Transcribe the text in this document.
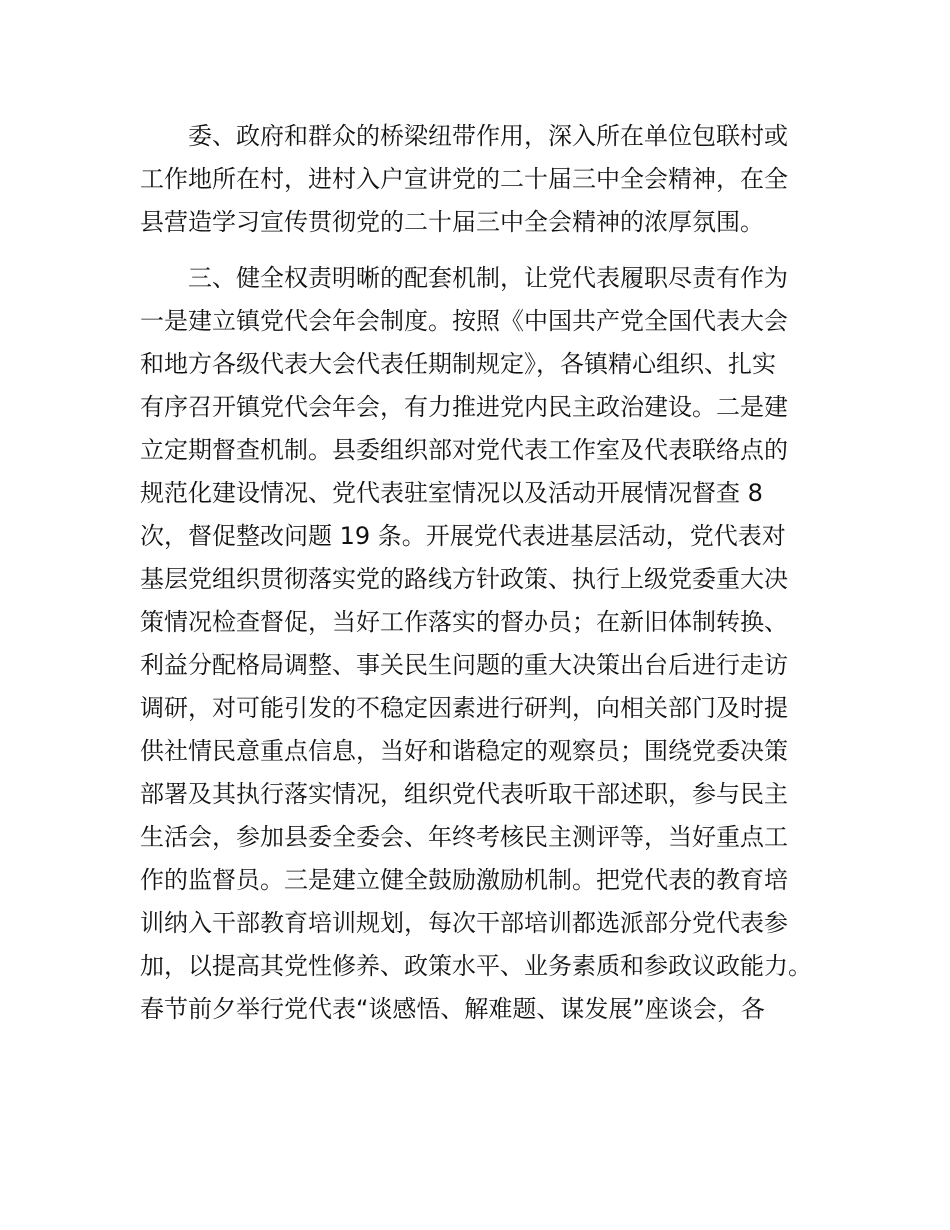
委、政府和群众的桥梁纽带作用，深入所在单位包联村或
工作地所在村，进村入户宣讲党的二十届三中全会精神，在全
县营造学习宣传贯彻党的二十届三中全会精神的浓厚氛围。
三、健全权责明晰的配套机制，让党代表履职尽责有作为
一是建立镇党代会年会制度。按照《中国共产党全国代表大会
和地方各级代表大会代表任期制规定》，各镇精心组织、扎实
有序召开镇党代会年会，有力推进党内民主政治建设。二是建
立定期督查机制。县委组织部对党代表工作室及代表联络点的
规范化建设情况、党代表驻室情况以及活动开展情况督查 8
次，督促整改问题 19 条。开展党代表进基层活动，党代表对
基层党组织贯彻落实党的路线方针政策、执行上级党委重大决
策情况检查督促，当好工作落实的督办员；在新旧体制转换、
利益分配格局调整、事关民生问题的重大决策出台后进行走访
调研，对可能引发的不稳定因素进行研判，向相关部门及时提
供社情民意重点信息，当好和谐稳定的观察员；围绕党委决策
部署及其执行落实情况，组织党代表听取干部述职，参与民主
生活会，参加县委全委会、年终考核民主测评等，当好重点工
作的监督员。三是建立健全鼓励激励机制。把党代表的教育培
训纳入干部教育培训规划，每次干部培训都选派部分党代表参
加，以提高其党性修养、政策水平、业务素质和参政议政能力。
春节前夕举行党代表“谈感悟、解难题、谋发展”座谈会，各
